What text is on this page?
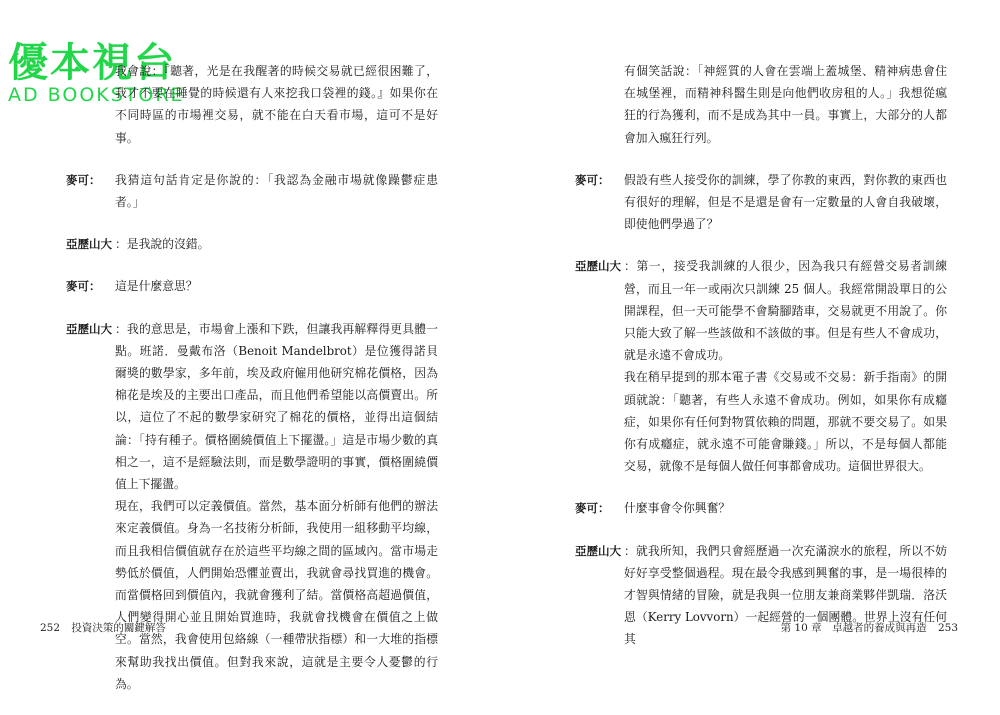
優本視台
AD BOOKSTORE

我會說：『聽著，光是在我醒著的時候交易就已經很困難了，我才不要在睡覺的時候還有人來挖我口袋裡的錢。』如果你在不同時區的市場裡交易，就不能在白天看市場，這可不是好事。

麥可：	我猜這句話肯定是你說的：「我認為金融市場就像躁鬱症患者。」

亞歷山大 ：是我說的沒錯。

麥可：	這是什麼意思？

亞歷山大 ：我的意思是，市場會上漲和下跌，但讓我再解釋得更具體一點。班諾．曼戴布洛（Benoit Mandelbrot）是位獲得諾貝爾獎的數學家，多年前，埃及政府僱用他研究棉花價格，因為棉花是埃及的主要出口產品，而且他們希望能以高價賣出。所以，這位了不起的數學家研究了棉花的價格，並得出這個結論：「持有種子。價格圍繞價值上下擺盪。」這是市場少數的真相之一，這不是經驗法則，而是數學證明的事實，價格圍繞價值上下擺盪。

現在，我們可以定義價值。當然，基本面分析師有他們的辦法來定義價值。身為一名技術分析師，我使用一組移動平均線，而且我相信價值就存在於這些平均線之間的區域內。當市場走勢低於價值，人們開始恐懼並賣出，我就會尋找買進的機會。而當價格回到價值內，我就會獲利了結。當價格高超過價值，人們變得開心並且開始買進時，我就會找機會在價值之上做空。當然，我會使用包絡線（一種帶狀指標）和一大堆的指標來幫助我找出價值。但對我來說，這就是主要令人憂鬱的行為。

有個笑話說：「神經質的人會在雲端上蓋城堡、精神病患會住在城堡裡，而精神科醫生則是向他們收房租的人。」我想從瘋狂的行為獲利，而不是成為其中一員。事實上，大部分的人都會加入瘋狂行列。

麥可：	假設有些人接受你的訓練，學了你教的東西，對你教的東西也有很好的理解，但是不是還是會有一定數量的人會自我破壞，即使他們學過了？

亞歷山大 ：第一，接受我訓練的人很少，因為我只有經營交易者訓練營，而且一年一或兩次只訓練 25 個人。我經常開設單日的公開課程，但一天可能學不會騎腳踏車，交易就更不用說了。你只能大致了解一些該做和不該做的事。但是有些人不會成功，就是永遠不會成功。

我在稍早提到的那本電子書《交易或不交易：新手指南》的開頭就說：「聽著，有些人永遠不會成功。例如，如果你有成癮症，如果你有任何對物質依賴的問題，那就不要交易了。如果你有成癮症，就永遠不可能會賺錢。」所以，不是每個人都能交易，就像不是每個人做任何事都會成功。這個世界很大。

麥可：	什麼事會令你興奮？

亞歷山大 ：就我所知，我們只會經歷過一次充滿淚水的旅程，所以不妨好好享受整個過程。現在最令我感到興奮的事，是一場很棒的才智與情緒的冒險，就是我與一位朋友兼商業夥伴凱瑞．洛沃恩（Kerry Lovvorn）一起經營的一個團體。世界上沒有任何其

252 投資決策的關鍵解答	第 10 章　卓越者的養成與再造 253
